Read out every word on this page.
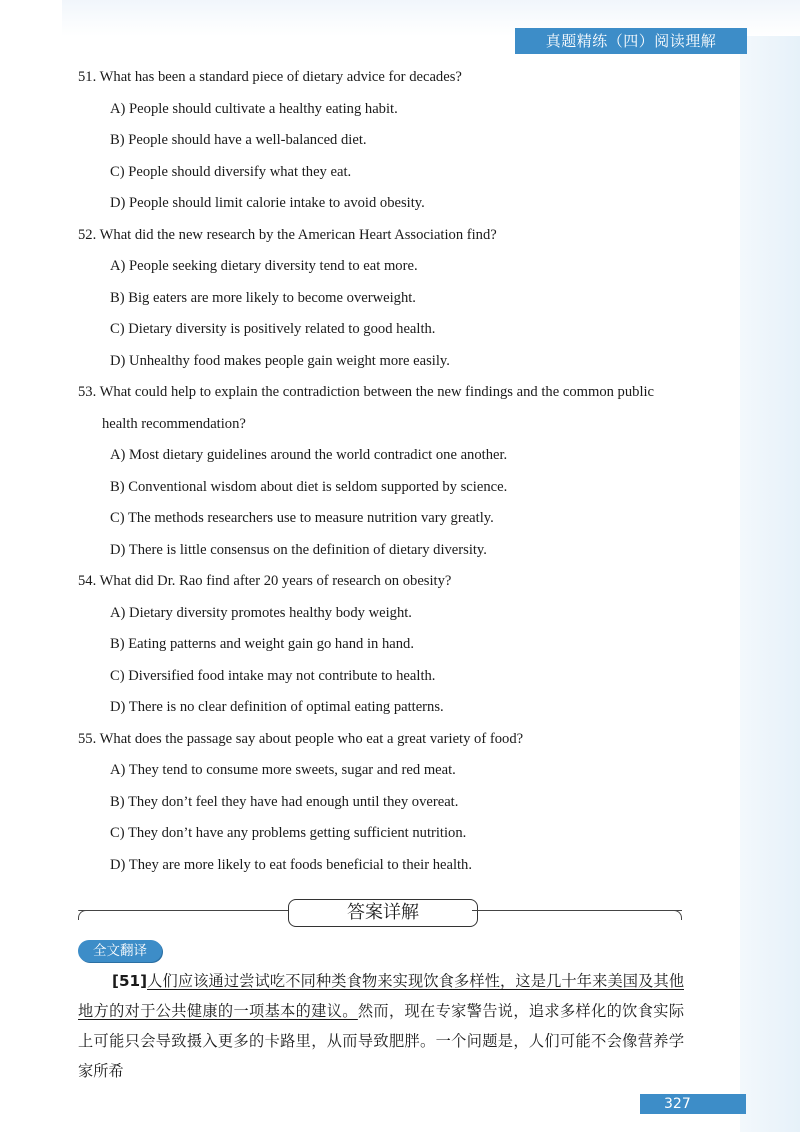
真题精练（四）阅读理解
51. What has been a standard piece of dietary advice for decades?
A) People should cultivate a healthy eating habit.
B) People should have a well-balanced diet.
C) People should diversify what they eat.
D) People should limit calorie intake to avoid obesity.
52. What did the new research by the American Heart Association find?
A) People seeking dietary diversity tend to eat more.
B) Big eaters are more likely to become overweight.
C) Dietary diversity is positively related to good health.
D) Unhealthy food makes people gain weight more easily.
53. What could help to explain the contradiction between the new findings and the common public
health recommendation?
A) Most dietary guidelines around the world contradict one another.
B) Conventional wisdom about diet is seldom supported by science.
C) The methods researchers use to measure nutrition vary greatly.
D) There is little consensus on the definition of dietary diversity.
54. What did Dr. Rao find after 20 years of research on obesity?
A) Dietary diversity promotes healthy body weight.
B) Eating patterns and weight gain go hand in hand.
C) Diversified food intake may not contribute to health.
D) There is no clear definition of optimal eating patterns.
55. What does the passage say about people who eat a great variety of food?
A) They tend to consume more sweets, sugar and red meat.
B) They don’t feel they have had enough until they overeat.
C) They don’t have any problems getting sufficient nutrition.
D) They are more likely to eat foods beneficial to their health.
答案详解
全文翻译
[51]人们应该通过尝试吃不同种类食物来实现饮食多样性，这是几十年来美国及其他地方的对于公共健康的一项基本的建议。然而，现在专家警告说，追求多样化的饮食实际上可能只会导致摄入更多的卡路里，从而导致肥胖。一个问题是，人们可能不会像营养学家所希
327
